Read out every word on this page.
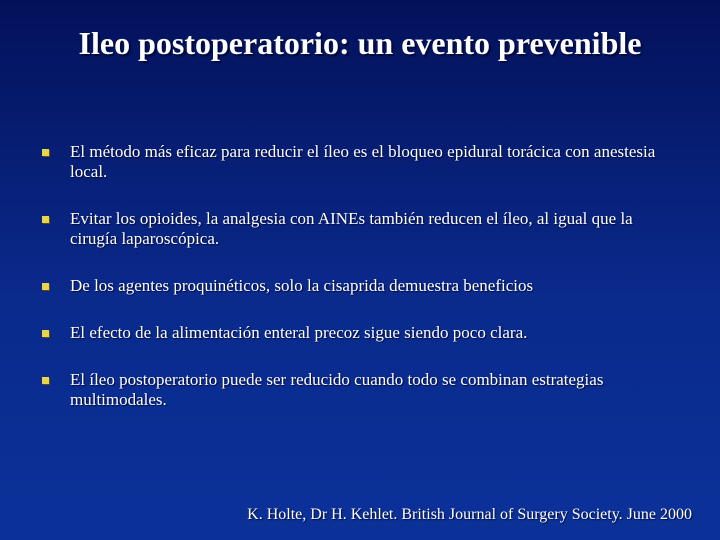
Ileo postoperatorio: un evento prevenible
El método más eficaz para reducir el íleo es el bloqueo epidural torácica con anestesia local.
Evitar los opioides, la analgesia con AINEs también reducen el íleo, al igual que la cirugía laparoscópica.
De los agentes proquinéticos, solo la cisaprida demuestra beneficios
El efecto de la alimentación enteral precoz sigue siendo poco clara.
El íleo postoperatorio puede ser reducido cuando todo se combinan estrategias multimodales.
K. Holte, Dr H. Kehlet. British Journal of Surgery Society. June 2000
